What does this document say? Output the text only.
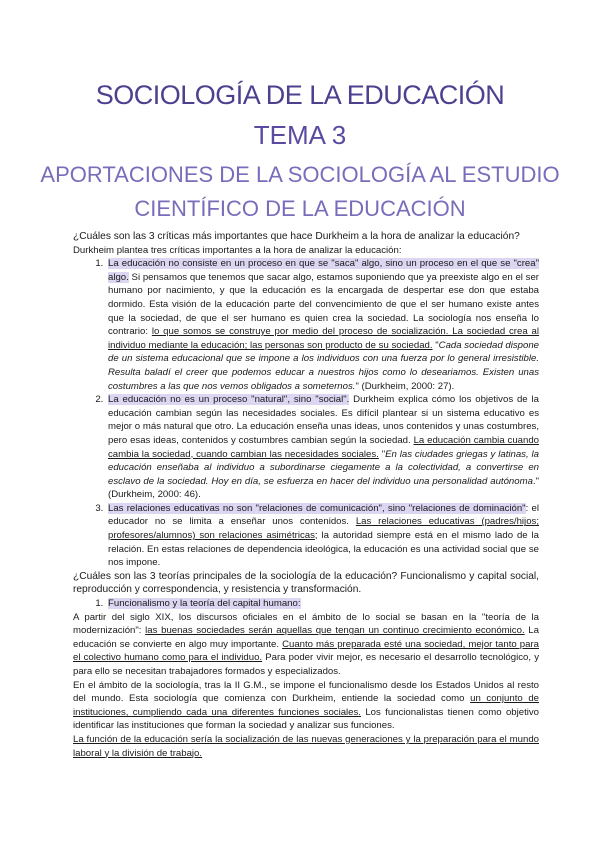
SOCIOLOGÍA DE LA EDUCACIÓN
TEMA 3
APORTACIONES DE LA SOCIOLOGÍA AL ESTUDIO CIENTÍFICO DE LA EDUCACIÓN

¿Cuáles son las 3 críticas más importantes que hace Durkheim a la hora de analizar la educación?

Durkheim plantea tres críticas importantes a la hora de analizar la educación:

1. La educación no consiste en un proceso en que se "saca" algo, sino un proceso en el que se "crea" algo. Si pensamos que tenemos que sacar algo, estamos suponiendo que ya preexiste algo en el ser humano por nacimiento, y que la educación es la encargada de despertar ese don que estaba dormido. Esta visión de la educación parte del convencimiento de que el ser humano existe antes que la sociedad, de que el ser humano es quien crea la sociedad. La sociología nos enseña lo contrario: lo que somos se construye por medio del proceso de socialización. La sociedad crea al individuo mediante la educación; las personas son producto de su sociedad. "Cada sociedad dispone de un sistema educacional que se impone a los individuos con una fuerza por lo general irresistible. Resulta baladí el creer que podemos educar a nuestros hijos como lo deseariamos. Existen unas costumbres a las que nos vemos obligados a someternos." (Durkheim, 2000: 27).
2. La educación no es un proceso "natural", sino "social". Durkheim explica cómo los objetivos de la educación cambian según las necesidades sociales. Es difícil plantear si un sistema educativo es mejor o más natural que otro. La educación enseña unas ideas, unos contenidos y unas costumbres, pero esas ideas, contenidos y costumbres cambian según la sociedad. La educación cambia cuando cambia la sociedad, cuando cambian las necesidades sociales. "En las ciudades griegas y latinas, la educación enseñaba al individuo a subordinarse ciegamente a la colectividad, a convertirse en esclavo de la sociedad. Hoy en día, se esfuerza en hacer del individuo una personalidad autónoma." (Durkheim, 2000: 46).
3. Las relaciones educativas no son "relaciones de comunicación", sino "relaciones de dominación": el educador no se limita a enseñar unos contenidos. Las relaciones educativas (padres/hijos; profesores/alumnos) son relaciones asimétricas; la autoridad siempre está en el mismo lado de la relación. En estas relaciones de dependencia ideológica, la educación es una actividad social que se nos impone.

¿Cuáles son las 3 teorías principales de la sociología de la educación? Funcionalismo y capital social, reproducción y correspondencia, y resistencia y transformación.

1. Funcionalismo y la teoría del capital humano:

A partir del siglo XIX, los discursos oficiales en el ámbito de lo social se basan en la "teoría de la modernización": las buenas sociedades serán aquellas que tengan un continuo crecimiento económico. La educación se convierte en algo muy importante. Cuanto más preparada esté una sociedad, mejor tanto para el colectivo humano como para el individuo. Para poder vivir mejor, es necesario el desarrollo tecnológico, y para ello se necesitan trabajadores formados y especializados.

En el ámbito de la sociología, tras la II G.M., se impone el funcionalismo desde los Estados Unidos al resto del mundo. Esta sociología que comienza con Durkheim, entiende la sociedad como un conjunto de instituciones, cumpliendo cada una diferentes funciones sociales. Los funcionalistas tienen como objetivo identificar las instituciones que forman la sociedad y analizar sus funciones.

La función de la educación sería la socialización de las nuevas generaciones y la preparación para el mundo laboral y la división de trabajo.
